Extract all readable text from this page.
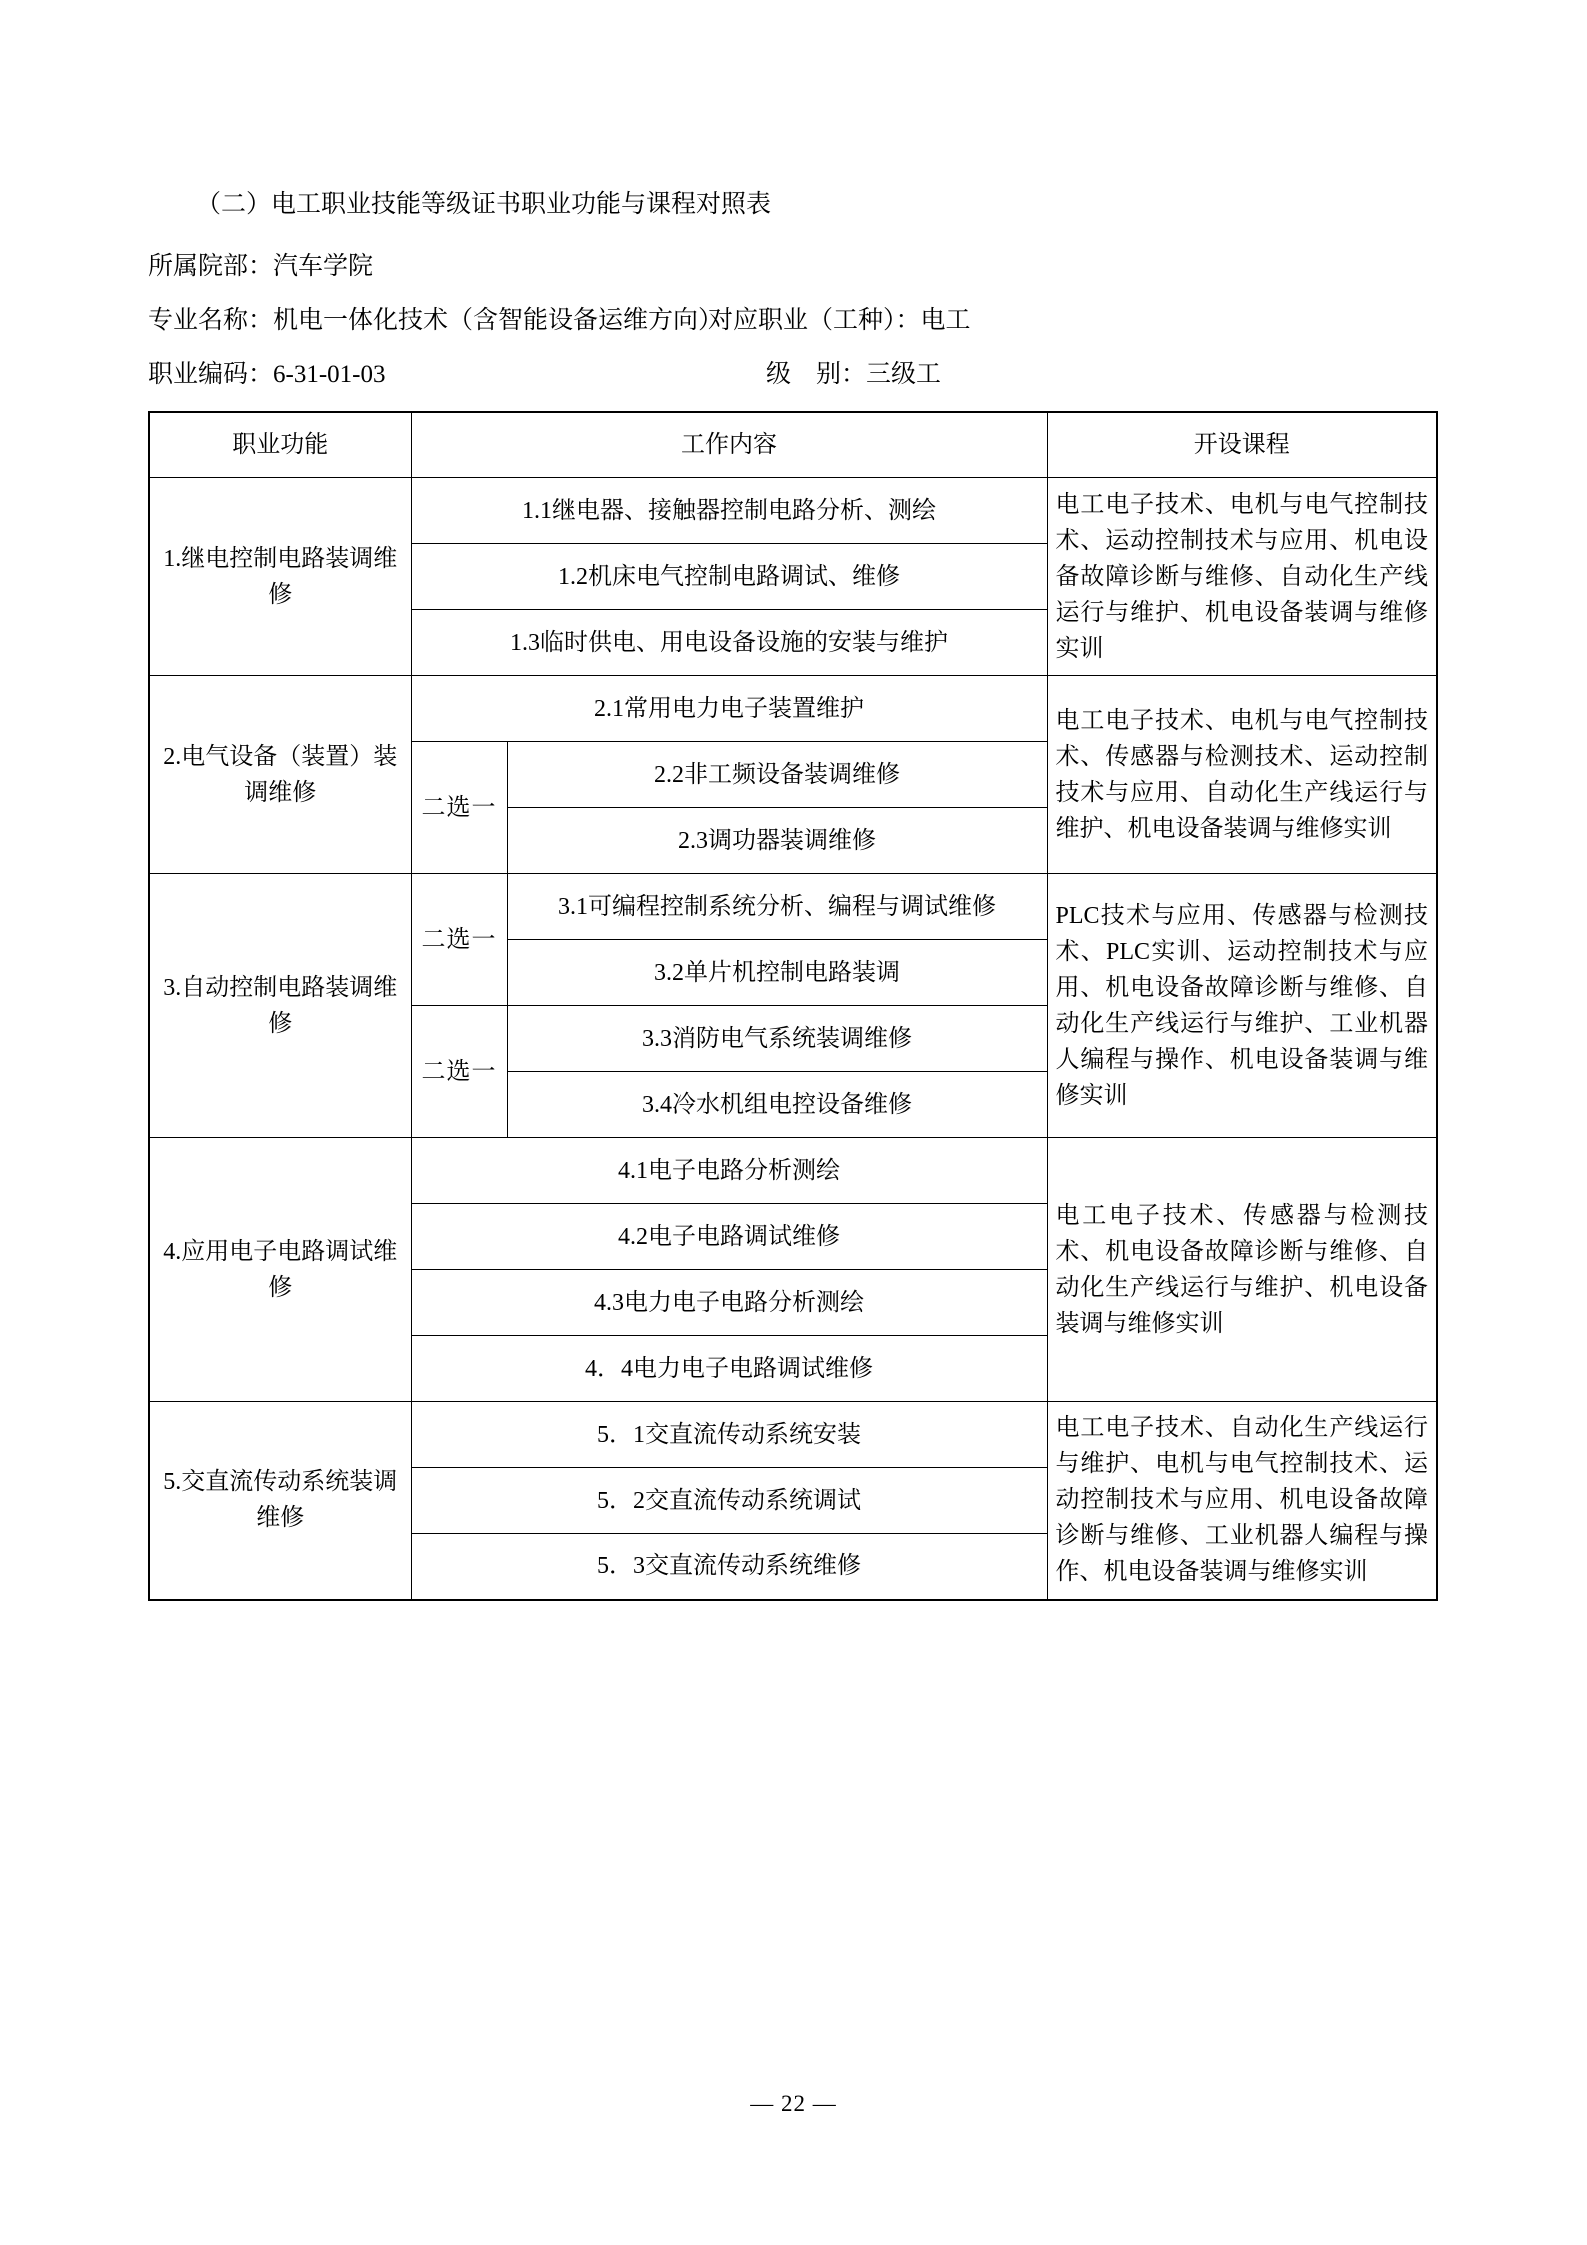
（二）电工职业技能等级证书职业功能与课程对照表
所属院部： 汽车学院
专业名称：机电一体化技术（含智能设备运维方向）
对应职业（工种）：电工
职业编码：6-31-01-03	级　别：三级工
职业功能	工作内容		开设课程
1.继电控制电路装调维修	1.1继电器、接触器控制电路分析、测绘		电工电子技术、电机与电气控制技术、运动控制技术与应用、机电设备故障诊断与维修、自动化生产线运行与维护、机电设备装调与维修实训
	1.2机床电气控制电路调试、维修		
	1.3临时供电、用电设备设施的安装与维护		
2.电气设备（装置）装调维修	2.1常用电力电子装置维护		电工电子技术、电机与电气控制技术、传感器与检测技术、运动控制技术与应用、自动化生产线运行与维护、机电设备装调与维修实训
	二选一	2.2非工频设备装调维修	
		2.3调功器装调维修	
3.自动控制电路装调维修	二选一	3.1可编程控制系统分析、编程与调试维修	PLC技术与应用、传感器与检测技术、PLC实训、运动控制技术与应用、机电设备故障诊断与维修、自动化生产线运行与维护、工业机器人编程与操作、机电设备装调与维修实训
		3.2单片机控制电路装调	
	二选一	3.3消防电气系统装调维修	
		3.4冷水机组电控设备维修	
4.应用电子电路调试维修	4.1电子电路分析测绘		电工电子技术、传感器与检测技术、机电设备故障诊断与维修、自动化生产线运行与维护、机电设备装调与维修实训
	4.2电子电路调试维修		
	4.3电力电子电路分析测绘		
	4．4电力电子电路调试维修		
5.交直流传动系统装调维修	5．1交直流传动系统安装		电工电子技术、自动化生产线运行与维护、电机与电气控制技术、运动控制技术与应用、机电设备故障诊断与维修、工业机器人编程与操作、机电设备装调与维修实训
	5．2交直流传动系统调试		
	5．3交直流传动系统维修		
— 22 —
